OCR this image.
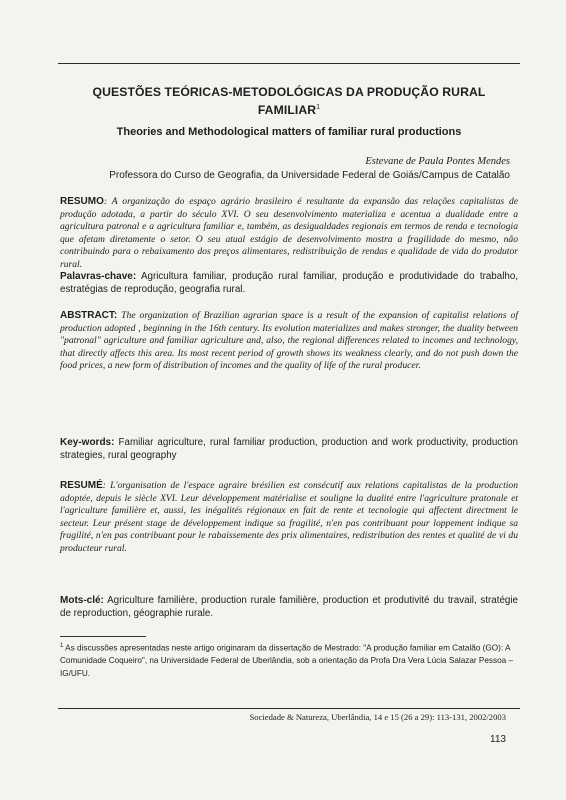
QUESTÕES TEÓRICAS-METODOLÓGICAS DA PRODUÇÃO RURAL FAMILIAR$^1$
Theories and Methodological matters of familiar rural productions
Estevane de Paula Pontes Mendes
Professora do Curso de Geografia, da Universidade Federal de Goiás/Campus de Catalão
RESUMO: A organização do espaço agrário brasileiro é resultante da expansão das relações capitalistas de produção adotada, a partir do século XVI. O seu desenvolvimento materializa e acentua a dualidade entre a agricultura patronal e a agricultura familiar e, também, as desigualdades regionais em termos de renda e tecnologia que afetam diretamente o setor. O seu atual estágio de desenvolvimento mostra a fragilidade do mesmo, não contribuindo para o rebaixamento dos preços alimentares, redistribuição de rendas e qualidade de vida do produtor rural.
Palavras-chave: Agricultura familiar, produção rural familiar, produção e produtividade do trabalho, estratégias de reprodução, geografia rural.
ABSTRACT: The organization of Brazilian agrarian space is a result of the expansion of capitalist relations of production adopted , beginning in the 16th century. Its evolution materializes and makes stronger, the duality between "patronal" agriculture and familiar agriculture and, also, the regional differences related to incomes and technology, that directly affects this area. Its most recent period of growth shows its weakness clearly, and do not push down the food prices, a new form of distribution of incomes and the quality of life of the rural producer.
Key-words: Familiar agriculture, rural familiar production, production and work productivity, production strategies, rural geography
RESUMÉ: L'organisation de l'espace agraire brésilien est consécutif aux relations capitalistas de la production adoptée, depuis le siècle XVI. Leur développement matérialise et souligne la dualité entre l'agriculture pratonale et l'agriculture familière et, aussi, les inégalités régionaux en fait de rente et tecnologie qui affectent directment le secteur. Leur présent stage de développement indique sa fragilité, n'en pas contribuant pour loppement indique sa fragilité, n'en pas contribuant pour le rabaissemente des prix alimentaires, redistribution des rentes et qualité de vi du producteur rural.
Mots-clé: Agriculture familière, production rurale familière, production et produtivité du travail, stratégie de reproduction, géographie rurale.
$^1$ As discussões apresentadas neste artigo originaram da dissertação de Mestrado: "A produção familiar em Catalão (GO): A Comunidade Coqueiro", na Universidade Federal de Uberlândia, sob a orientação da Profa Dra Vera Lúcia Salazar Pessoa – IG/UFU.
Sociedade & Natureza, Uberlândia, 14 e 15 (26 a 29): 113-131, 2002/2003
113
